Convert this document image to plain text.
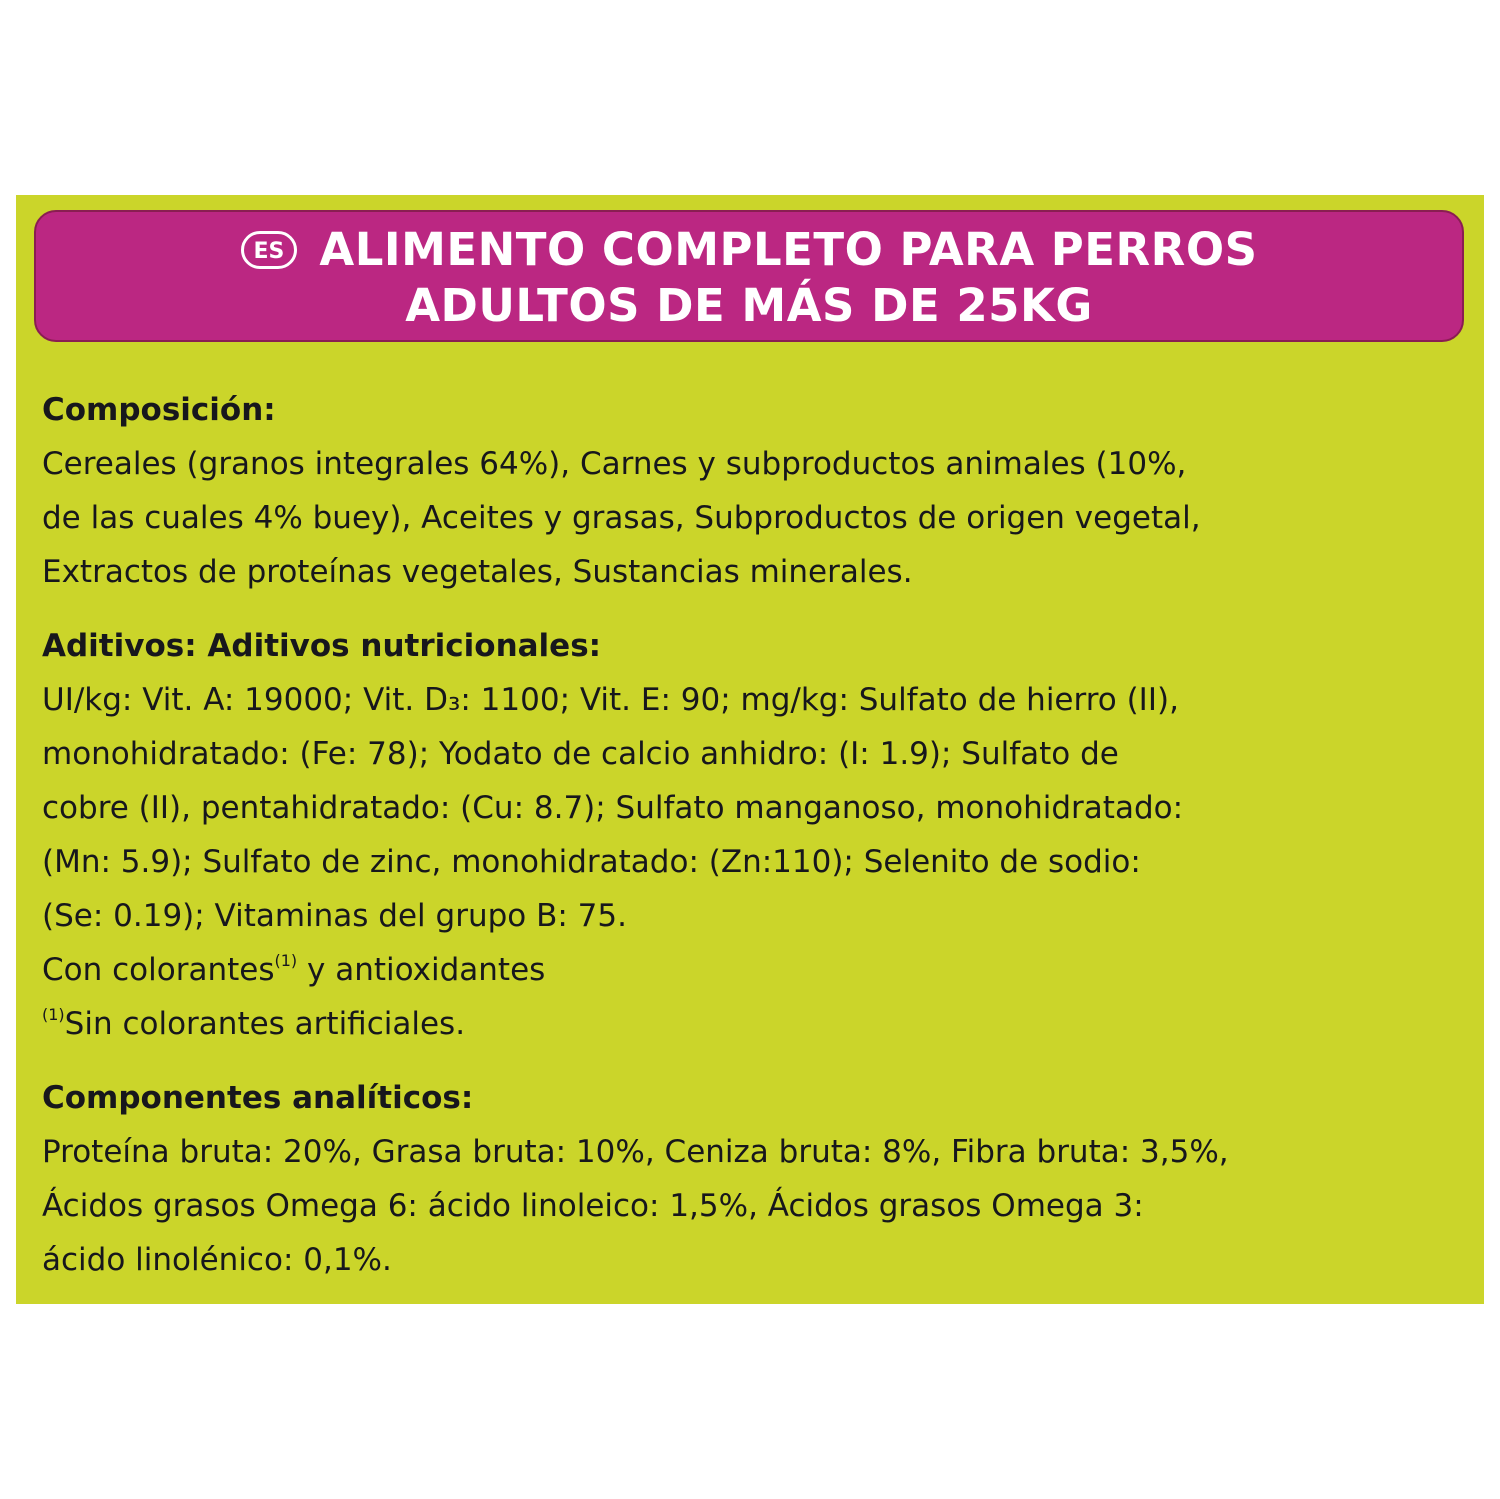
ES ALIMENTO COMPLETO PARA PERROS
ADULTOS DE MÁS DE 25KG
Composición:
Cereales (granos integrales 64%), Carnes y subproductos animales (10%,
de las cuales 4% buey), Aceites y grasas, Subproductos de origen vegetal,
Extractos de proteínas vegetales, Sustancias minerales.
Aditivos: Aditivos nutricionales:
UI/kg: Vit. A: 19000; Vit. D₃: 1100; Vit. E: 90; mg/kg: Sulfato de hierro (II),
monohidratado: (Fe: 78); Yodato de calcio anhidro: (I: 1.9); Sulfato de
cobre (II), pentahidratado: (Cu: 8.7); Sulfato manganoso, monohidratado:
(Mn: 5.9); Sulfato de zinc, monohidratado: (Zn:110); Selenito de sodio:
(Se: 0.19); Vitaminas del grupo B: 75.
Con colorantes$^{(1)}$ y antioxidantes
$^{(1)}$Sin colorantes artificiales.
Componentes analíticos:
Proteína bruta: 20%, Grasa bruta: 10%, Ceniza bruta: 8%, Fibra bruta: 3,5%,
Ácidos grasos Omega 6: ácido linoleico: 1,5%, Ácidos grasos Omega 3:
ácido linolénico: 0,1%.
